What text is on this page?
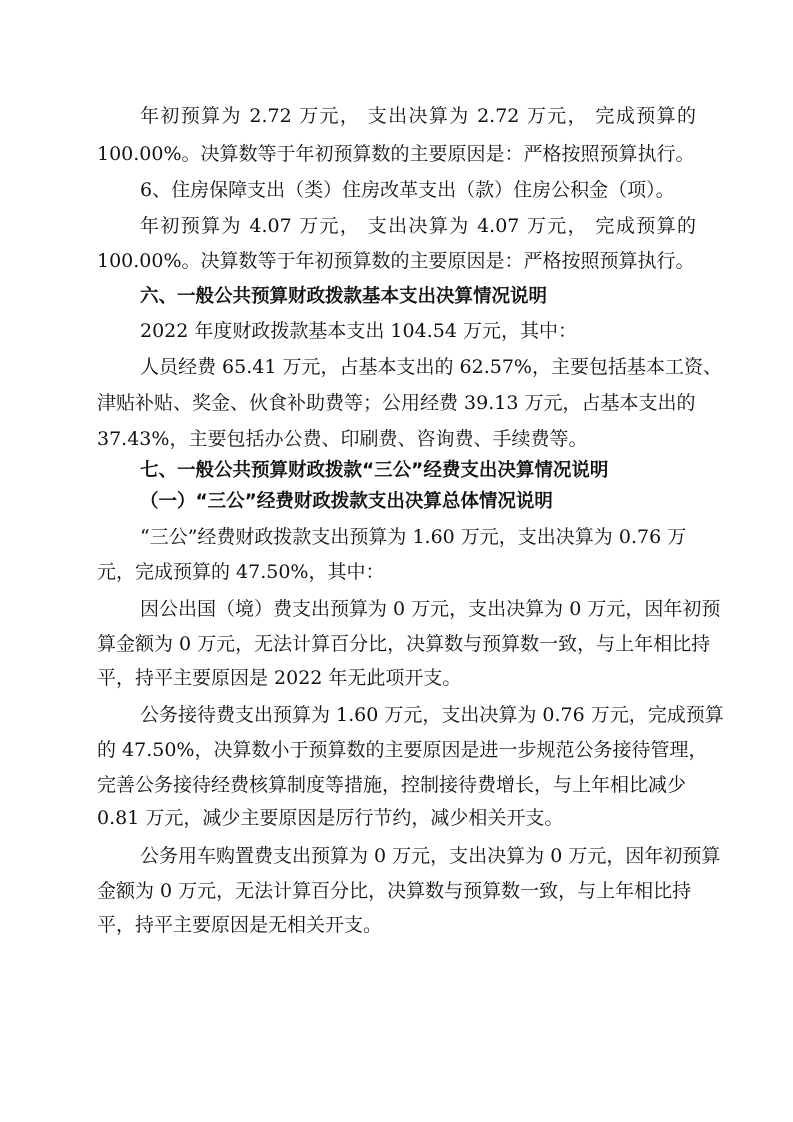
年初预算为 2.72 万元， 支出决算为 2.72 万元， 完成预算的
100.00%。决算数等于年初预算数的主要原因是：严格按照预算执行。
6、住房保障支出（类）住房改革支出（款）住房公积金（项）。
年初预算为 4.07 万元， 支出决算为 4.07 万元， 完成预算的
100.00%。决算数等于年初预算数的主要原因是：严格按照预算执行。
六、一般公共预算财政拨款基本支出决算情况说明
2022 年度财政拨款基本支出 104.54 万元，其中：
人员经费 65.41 万元，占基本支出的 62.57%，主要包括基本工资、
津贴补贴、奖金、伙食补助费等；公用经费 39.13 万元，占基本支出的
37.43%，主要包括办公费、印刷费、咨询费、手续费等。
七、一般公共预算财政拨款“三公”经费支出决算情况说明
（一）“三公”经费财政拨款支出决算总体情况说明
“三公”经费财政拨款支出预算为 1.60 万元，支出决算为 0.76 万
元，完成预算的 47.50%，其中：
因公出国（境）费支出预算为 0 万元，支出决算为 0 万元，因年初预
算金额为 0 万元，无法计算百分比，决算数与预算数一致，与上年相比持
平，持平主要原因是 2022 年无此项开支。
公务接待费支出预算为 1.60 万元，支出决算为 0.76 万元，完成预算
的 47.50%，决算数小于预算数的主要原因是进一步规范公务接待管理，
完善公务接待经费核算制度等措施，控制接待费增长，与上年相比减少
0.81 万元，减少主要原因是厉行节约，减少相关开支。
公务用车购置费支出预算为 0 万元，支出决算为 0 万元，因年初预算
金额为 0 万元，无法计算百分比，决算数与预算数一致，与上年相比持
平，持平主要原因是无相关开支。
